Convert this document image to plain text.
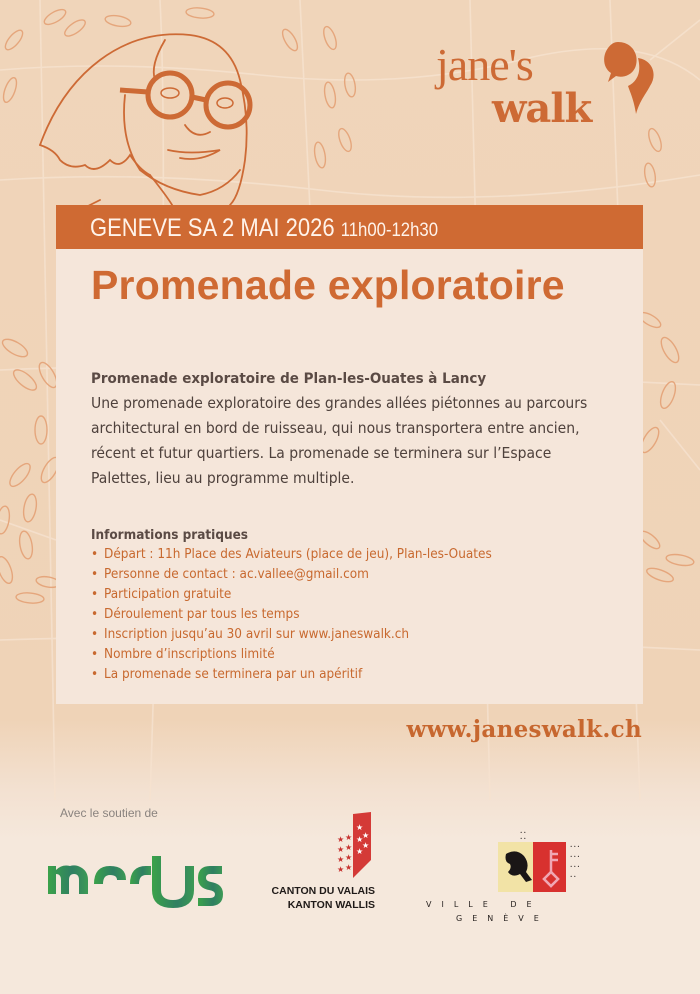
jane's
walk
GENEVE SA 2 MAI 2026 11h00-12h30
Promenade exploratoire
Promenade exploratoire de Plan-les-Ouates à Lancy

Une promenade exploratoire des grandes allées piétonnes au parcours

architectural en bord de ruisseau, qui nous transportera entre ancien,

récent et futur quartiers. La promenade se terminera sur l’Espace

Palettes, lieu au programme multiple.

Informations pratiques
• Départ : 11h Place des Aviateurs (place de jeu), Plan-les-Ouates
• Personne de contact : ac.vallee@gmail.com
• Participation gratuite
• Déroulement par tous les temps
• Inscription jusqu’au 30 avril sur www.janeswalk.ch
• Nombre d’inscriptions limité
• La promenade se terminera par un apéritif
www.janeswalk.ch
Avec le soutien de
★
★
★
★
★
★ ★
★ ★
★ ★
★ ★
CANTON DU VALAIS
KANTON WALLIS
• •
• •
• • •
• • •
• • •
• •
VILLE DE
GENÈVE
